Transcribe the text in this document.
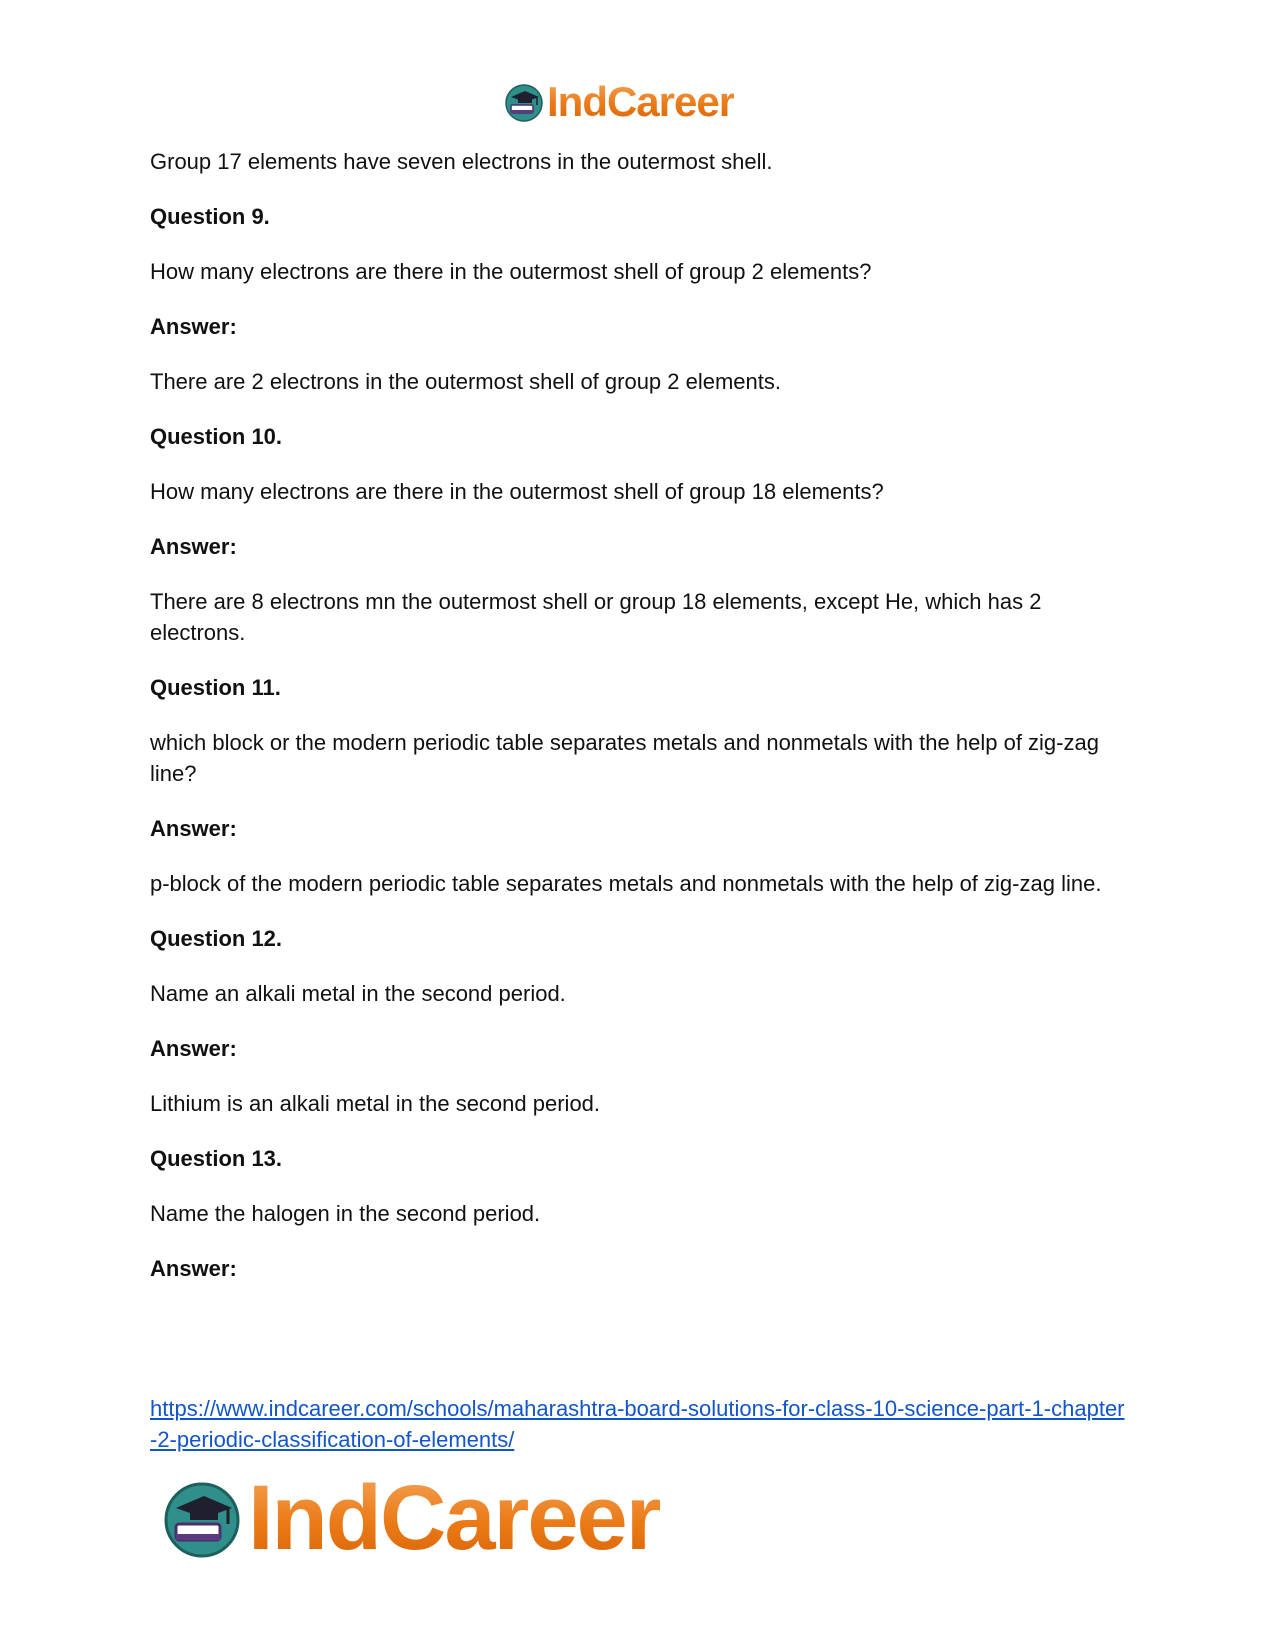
IndCareer

Group 17 elements have seven electrons in the outermost shell.

Question 9.

How many electrons are there in the outermost shell of group 2 elements?

Answer:

There are 2 electrons in the outermost shell of group 2 elements.

Question 10.

How many electrons are there in the outermost shell of group 18 elements?

Answer:

There are 8 electrons mn the outermost shell or group 18 elements, except He, which has 2 electrons.

Question 11.

which block or the modern periodic table separates metals and nonmetals with the help of zig-zag line?

Answer:

p-block of the modern periodic table separates metals and nonmetals with the help of zig-zag line.

Question 12.

Name an alkali metal in the second period.

Answer:

Lithium is an alkali metal in the second period.

Question 13.

Name the halogen in the second period.

Answer:

https://www.indcareer.com/schools/maharashtra-board-solutions-for-class-10-science-part-1-chapter-2-periodic-classification-of-elements/
IndCareer
